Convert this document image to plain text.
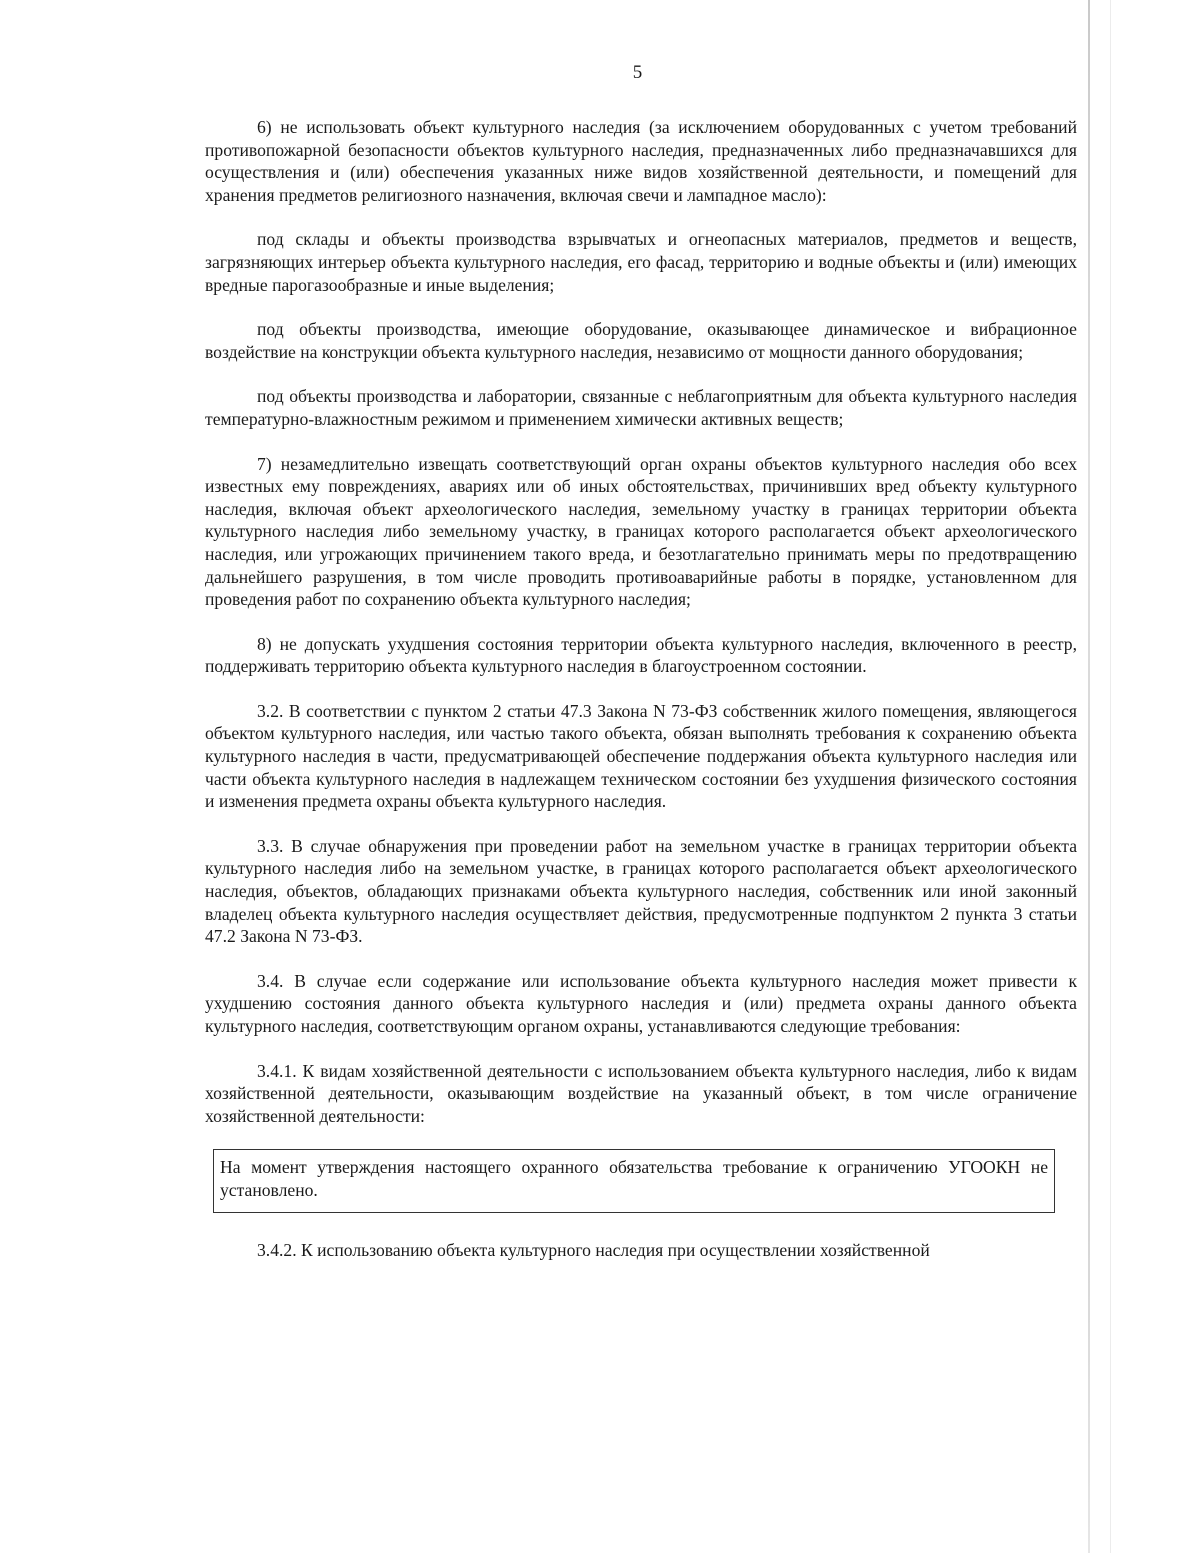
5

6) не использовать объект культурного наследия (за исключением оборудованных с учетом требований противопожарной безопасности объектов культурного наследия, предназначенных либо предназначавшихся для осуществления и (или) обеспечения указанных ниже видов хозяйственной деятельности, и помещений для хранения предметов религиозного назначения, включая свечи и лампадное масло):

под склады и объекты производства взрывчатых и огнеопасных материалов, предметов и веществ, загрязняющих интерьер объекта культурного наследия, его фасад, территорию и водные объекты и (или) имеющих вредные парогазообразные и иные выделения;

под объекты производства, имеющие оборудование, оказывающее динамическое и вибрационное воздействие на конструкции объекта культурного наследия, независимо от мощности данного оборудования;

под объекты производства и лаборатории, связанные с неблагоприятным для объекта культурного наследия температурно-влажностным режимом и применением химически активных веществ;

7) незамедлительно извещать соответствующий орган охраны объектов культурного наследия обо всех известных ему повреждениях, авариях или об иных обстоятельствах, причинивших вред объекту культурного наследия, включая объект археологического наследия, земельному участку в границах территории объекта культурного наследия либо земельному участку, в границах которого располагается объект археологического наследия, или угрожающих причинением такого вреда, и безотлагательно принимать меры по предотвращению дальнейшего разрушения, в том числе проводить противоаварийные работы в порядке, установленном для проведения работ по сохранению объекта культурного наследия;

8) не допускать ухудшения состояния территории объекта культурного наследия, включенного в реестр, поддерживать территорию объекта культурного наследия в благоустроенном состоянии.

3.2. В соответствии с пунктом 2 статьи 47.3 Закона N 73-ФЗ собственник жилого помещения, являющегося объектом культурного наследия, или частью такого объекта, обязан выполнять требования к сохранению объекта культурного наследия в части, предусматривающей обеспечение поддержания объекта культурного наследия или части объекта культурного наследия в надлежащем техническом состоянии без ухудшения физического состояния и изменения предмета охраны объекта культурного наследия.

3.3. В случае обнаружения при проведении работ на земельном участке в границах территории объекта культурного наследия либо на земельном участке, в границах которого располагается объект археологического наследия, объектов, обладающих признаками объекта культурного наследия, собственник или иной законный владелец объекта культурного наследия осуществляет действия, предусмотренные подпунктом 2 пункта 3 статьи 47.2 Закона N 73-ФЗ.

3.4. В случае если содержание или использование объекта культурного наследия может привести к ухудшению состояния данного объекта культурного наследия и (или) предмета охраны данного объекта культурного наследия, соответствующим органом охраны, устанавливаются следующие требования:

3.4.1. К видам хозяйственной деятельности с использованием объекта культурного наследия, либо к видам хозяйственной деятельности, оказывающим воздействие на указанный объект, в том числе ограничение хозяйственной деятельности:

На момент утверждения настоящего охранного обязательства требование к ограничению УГООКН не установлено.

3.4.2. К использованию объекта культурного наследия при осуществлении хозяйственной
